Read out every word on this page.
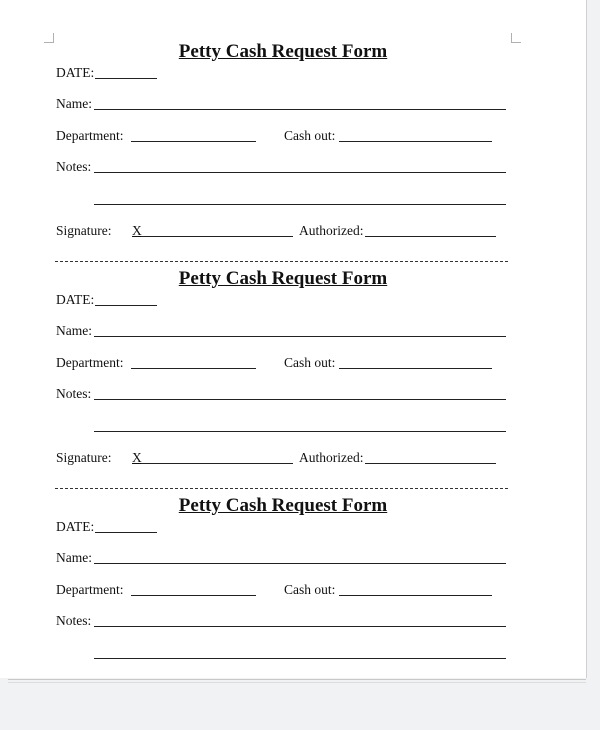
Petty Cash Request Form
DATE:
Name:
Department:	Cash out:
Notes:
Signature: X	Authorized:
Petty Cash Request Form
DATE:
Name:
Department:	Cash out:
Notes:
Signature: X	Authorized:
Petty Cash Request Form
DATE:
Name:
Department:	Cash out:
Notes:
